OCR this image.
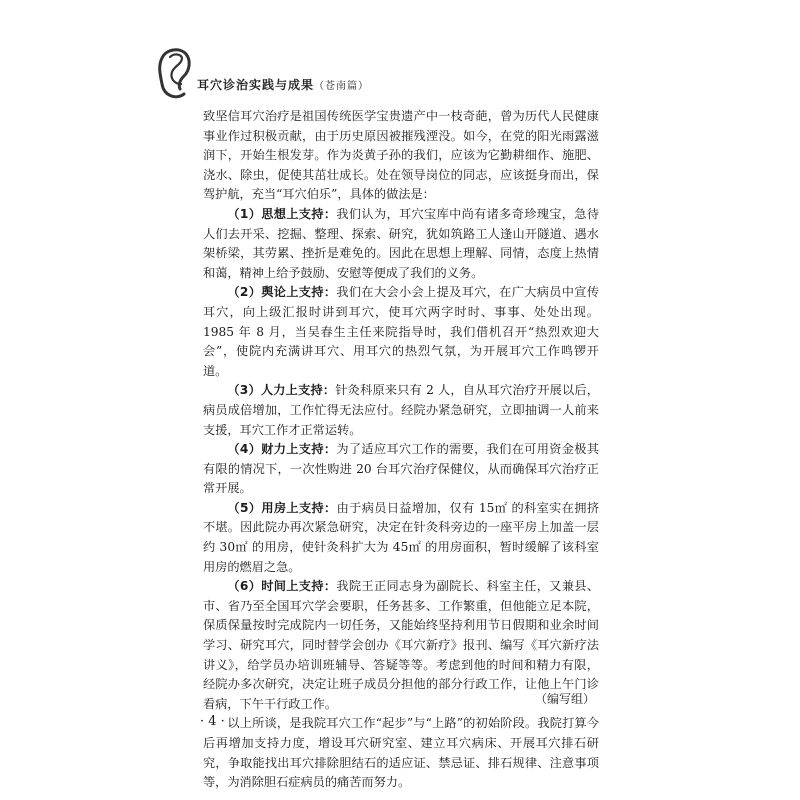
耳穴诊治实践与成果（苍南篇）

致坚信耳穴治疗是祖国传统医学宝贵遗产中一枝奇葩，曾为历代人民健康事业作过积极贡献，由于历史原因被摧残湮没。如今，在党的阳光雨露滋润下，开始生根发芽。作为炎黄子孙的我们，应该为它勤耕细作、施肥、浇水、除虫，促使其茁壮成长。处在领导岗位的同志，应该挺身而出，保驾护航，充当“耳穴伯乐”，具体的做法是：

（1）思想上支持：我们认为，耳穴宝库中尚有诸多奇珍瑰宝，急待人们去开采、挖掘、整理、探索、研究，犹如筑路工人逢山开隧道、遇水架桥梁，其劳累、挫折是难免的。因此在思想上理解、同情，态度上热情和蔼，精神上给予鼓励、安慰等便成了我们的义务。

（2）舆论上支持：我们在大会小会上提及耳穴，在广大病员中宣传耳穴，向上级汇报时讲到耳穴，使耳穴两字时时、事事、处处出现。1985 年 8 月，当吴春生主任来院指导时，我们借机召开“热烈欢迎大会”，使院内充满讲耳穴、用耳穴的热烈气氛，为开展耳穴工作鸣锣开道。

（3）人力上支持：针灸科原来只有 2 人，自从耳穴治疗开展以后，病员成倍增加，工作忙得无法应付。经院办紧急研究，立即抽调一人前来支援，耳穴工作才正常运转。

（4）财力上支持：为了适应耳穴工作的需要，我们在可用资金极其有限的情况下，一次性购进 20 台耳穴治疗保健仪，从而确保耳穴治疗正常开展。

（5）用房上支持：由于病员日益增加，仅有 15㎡ 的科室实在拥挤不堪。因此院办再次紧急研究，决定在针灸科旁边的一座平房上加盖一层约 30㎡ 的用房，使针灸科扩大为 45㎡ 的用房面积，暂时缓解了该科室用房的燃眉之急。

（6）时间上支持：我院王正同志身为副院长、科室主任，又兼县、市、省乃至全国耳穴学会要职，任务甚多、工作繁重，但他能立足本院，保质保量按时完成院内一切任务，又能始终坚持利用节日假期和业余时间学习、研究耳穴，同时替学会创办《耳穴新疗》报刊、编写《耳穴新疗法讲义》，给学员办培训班辅导、答疑等等。考虑到他的时间和精力有限，经院办多次研究，决定让班子成员分担他的部分行政工作，让他上午门诊看病，下午干行政工作。

以上所谈，是我院耳穴工作“起步”与“上路”的初始阶段。我院打算今后再增加支持力度，增设耳穴研究室、建立耳穴病床、开展耳穴排石研究，争取能找出耳穴排除胆结石的适应证、禁忌证、排石规律、注意事项等，为消除胆石症病员的痛苦而努力。

（编写组）
· 4 ·
